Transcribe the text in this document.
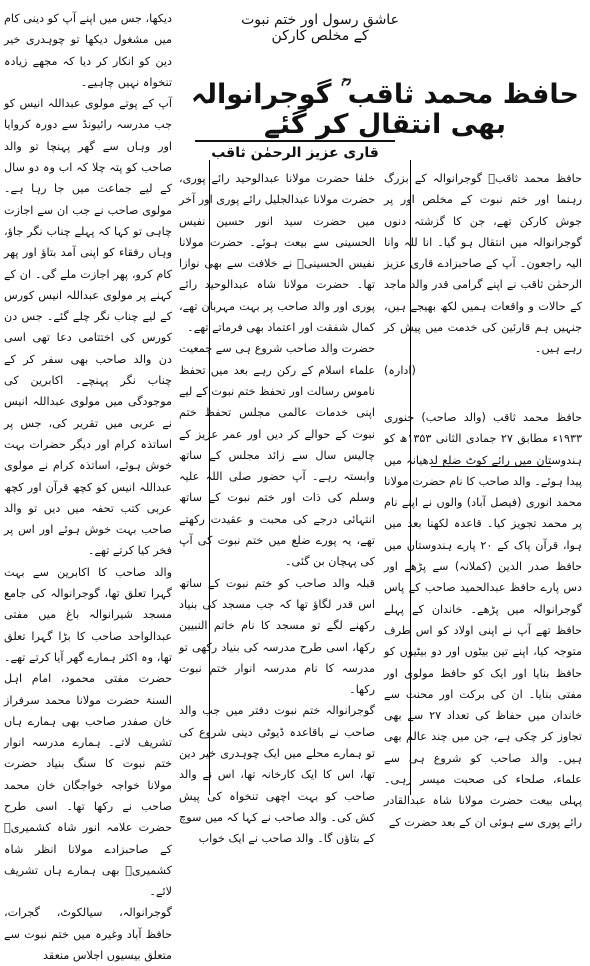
عاشق رسول اور ختم نبوت کے مخلص کارکن
حافظ محمد ثاقب ؒ گوجرانوالہ بھی انتقال کر گئے
قاری عزیز الرحمٰن ثاقب

حافظ محمد ثاقبؒ گوجرانوالہ کے بزرگ رہنما اور ختم نبوت کے مخلص اور پر جوش کارکن تھے، جن کا گزشتہ دنوں گوجرانوالہ میں انتقال ہو گیا۔ انا للہ وانا الیہ راجعون۔ آپ کے صاحبزادے قاری عزیز الرحمٰن ثاقب نے اپنے گرامی قدر والد ماجد کے حالات و واقعات ہمیں لکھ بھیجے ہیں، جنہیں ہم قارئین کی خدمت میں پیش کر رہے ہیں۔

(ادارہ)

حافظ محمد ثاقب (والد صاحب) جنوری ۱۹۳۳ء مطابق ۲۷ جمادی الثانی ۱۳۵۳ھ کو ہندوستان میں رائے کوٹ ضلع لدھیانہ میں پیدا ہوئے۔ والد صاحب کا نام حضرت مولانا محمد انوری (فیصل آباد) والوں نے اپنے نام پر محمد تجویز کیا۔ قاعدہ لکھنا بعد میں ہوا، قرآن پاک کے ۲۰ پارے ہندوستان میں حافظ صدر الدین (کملانہ) سے پڑھے اور دس پارے حافظ عبدالحمید صاحب کے پاس گوجرانوالہ میں پڑھے۔ خاندان کے پہلے حافظ تھے آپ نے اپنی اولاد کو اس طرف متوجہ کیا، اپنے تین بیٹوں اور دو بیٹیوں کو حافظ بنایا اور ایک کو حافظ مولوی اور مفتی بنایا۔ ان کی برکت اور محنت سے خاندان میں حفاظ کی تعداد ۲۷ سے بھی تجاوز کر چکی ہے، جن میں چند عالم بھی ہیں۔ والد صاحب کو شروع ہی سے علماء، صلحاء کی صحبت میسر رہی۔ پہلی بیعت حضرت مولانا شاہ عبدالقادر رائے پوری سے ہوئی ان کے بعد حضرت کے

خلفا حضرت مولانا عبدالوحید رائے پوری، حضرت مولانا عبدالجلیل رائے پوری اور آخر میں حضرت سید انور حسین نفیس الحسینی سے بیعت ہوئے۔ حضرت مولانا نفیس الحسینیؒ نے خلافت سے بھی نوازا تھا۔ حضرت مولانا شاہ عبدالوحید رائے پوری اور والد صاحب پر بہت مہربان تھے، کمال شفقت اور اعتماد بھی فرماتے تھے۔

حضرت والد صاحب شروع ہی سے جمعیت علماء اسلام کے رکن رہے بعد میں تحفظ ناموس رسالت اور تحفظ ختم نبوت کے لیے اپنی خدمات عالمی مجلس تحفظ ختم نبوت کے حوالے کر دیں اور عمر عزیز کے چالیس سال سے زائد مجلس کے ساتھ وابستہ رہے۔ آپ حضور صلی اللہ علیہ وسلم کی ذات اور ختم نبوت کے ساتھ انتہائی درجے کی محبت و عقیدت رکھتے تھے، یہ پورے ضلع میں ختم نبوت کی آپ کی پہچان بن گئی۔

قبلہ والد صاحب کو ختم نبوت کے ساتھ اس قدر لگاؤ تھا کہ جب مسجد کی بنیاد رکھنے لگے تو مسجد کا نام خاتم النبیین رکھا، اسی طرح مدرسہ کی بنیاد رکھی تو مدرسہ کا نام مدرسہ انوار ختم نبوت رکھا۔

گوجرانوالہ ختم نبوت دفتر میں جب والد صاحب نے باقاعدہ ڈیوٹی دینی شروع کی تو ہمارے محلے میں ایک چوہدری خیر دین تھا، اس کا ایک کارخانہ تھا، اس نے والد صاحب کو بہت اچھی تنخواہ کی پیش کش کی۔ والد صاحب نے کہا کہ میں سوچ کے بتاؤں گا۔ والد صاحب نے ایک خواب

دیکھا، جس میں اپنے آپ کو دینی کام میں مشغول دیکھا تو چوہدری خیر دین کو انکار کر دیا کہ مجھے زیادہ تنخواہ نہیں چاہیے۔

آپ کے پوتے مولوی عبداللہ انیس کو جب مدرسہ رائیونڈ سے دورہ کروایا اور وہاں سے گھر پہنچا تو والد صاحب کو پتہ چلا کہ اب وہ دو سال کے لیے جماعت میں جا رہا ہے۔ مولوی صاحب نے جب ان سے اجازت چاہی تو کہا کہ پہلے چناب نگر جاؤ، وہاں رفقاء کو اپنی آمد بتاؤ اور پھر کام کرو، پھر اجازت ملے گی۔ ان کے کہنے پر مولوی عبداللہ انیس کورس کے لیے چناب نگر چلے گئے۔ جس دن کورس کی اختتامی دعا تھی اسی دن والد صاحب بھی سفر کر کے چناب نگر پہنچے۔ اکابرین کی موجودگی میں مولوی عبداللہ انیس نے عربی میں تقریر کی، جس پر اساتذہ کرام اور دیگر حضرات بہت خوش ہوئے، اساتذہ کرام نے مولوی عبداللہ انیس کو کچھ قرآن اور کچھ عربی کتب تحفہ میں دیں تو والد صاحب بہت خوش ہوئے اور اس پر فخر کیا کرتے تھے۔

والد صاحب کا اکابرین سے بہت گہرا تعلق تھا، گوجرانوالہ کی جامع مسجد شیرانوالہ باغ میں مفتی عبدالواحد صاحب کا بڑا گہرا تعلق تھا، وہ اکثر ہمارے گھر آیا کرتے تھے۔ حضرت مفتی محمود، امام اہل السنۃ حضرت مولانا محمد سرفراز خان صفدر صاحب بھی ہمارے ہاں تشریف لاتے۔ ہمارے مدرسہ انوار ختم نبوت کا سنگ بنیاد حضرت مولانا خواجہ خواجگان خان محمد صاحب نے رکھا تھا۔ اسی طرح حضرت علامہ انور شاہ کشمیریؒ کے صاحبزادے مولانا انظر شاہ کشمیریؒ بھی ہمارے ہاں تشریف لائے۔

گوجرانوالہ، سیالکوٹ، گجرات، حافظ آباد وغیرہ میں ختم نبوت سے متعلق بیسیوں اجلاس منعقد
